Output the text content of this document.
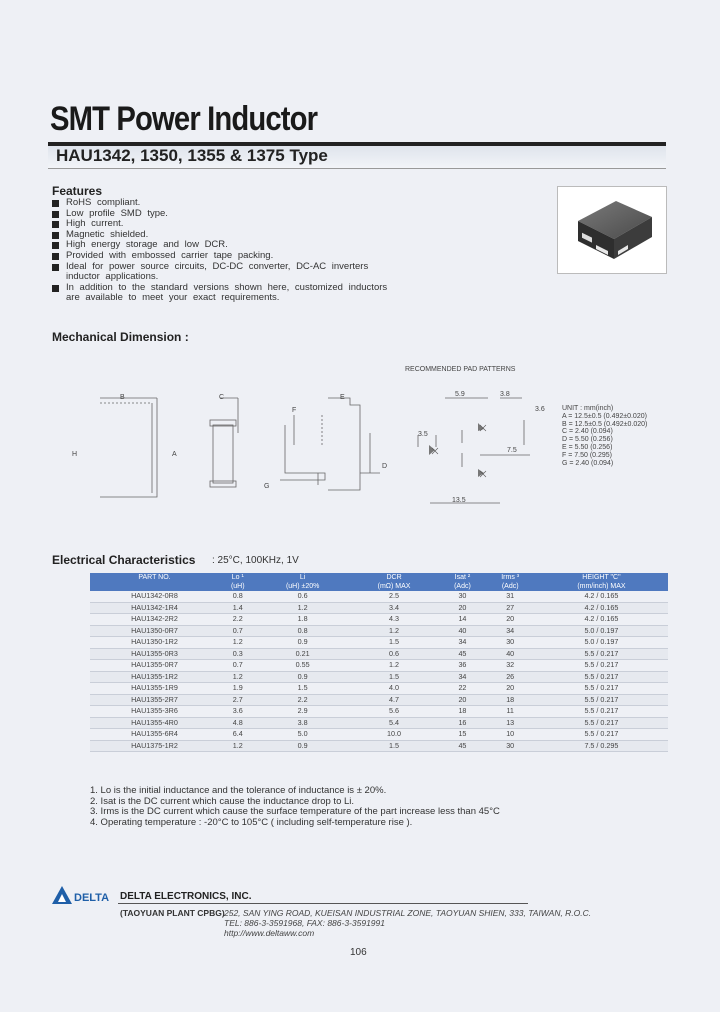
SMT Power Inductor
HAU1342, 1350, 1355 & 1375 Type
Features
RoHS compliant.
Low profile SMD type.
High current.
Magnetic shielded.
High energy storage and low DCR.
Provided with embossed carrier tape packing.
Ideal for power source circuits, DC-DC converter, DC-AC inverters
inductor applications.
In addition to the standard versions shown here, customized inductors
are available to meet your exact requirements.
Mechanical Dimension :
RECOMMENDED PAD PATTERNS
H
B
A
C
F
G
E
D
5.9	3.8
3.6
3.5
7.5
13.5
UNIT : mm(inch)
A = 12.5±0.5 (0.492±0.020)
B = 12.5±0.5 (0.492±0.020)
C = 2.40 (0.094)
D = 5.50 (0.256)
E = 5.50 (0.256)
F = 7.50 (0.295)
G = 2.40 (0.094)
Electrical Characteristics : 25°C, 100KHz, 1V
PART NO.	Lo ¹	Li	DCR	Isat ²	Irms ³	HEIGHT "C"
	(uH)	(uH) ±20%	(mΩ) MAX	(Adc)	(Adc)	(mm/inch) MAX
HAU1342-0R8	0.8	0.6	2.5	30	31	4.2 / 0.165
HAU1342-1R4	1.4	1.2	3.4	20	27	4.2 / 0.165
HAU1342-2R2	2.2	1.8	4.3	14	20	4.2 / 0.165
HAU1350-0R7	0.7	0.8	1.2	40	34	5.0 / 0.197
HAU1350-1R2	1.2	0.9	1.5	34	30	5.0 / 0.197
HAU1355-0R3	0.3	0.21	0.6	45	40	5.5 / 0.217
HAU1355-0R7	0.7	0.55	1.2	36	32	5.5 / 0.217
HAU1355-1R2	1.2	0.9	1.5	34	26	5.5 / 0.217
HAU1355-1R9	1.9	1.5	4.0	22	20	5.5 / 0.217
HAU1355-2R7	2.7	2.2	4.7	20	18	5.5 / 0.217
HAU1355-3R6	3.6	2.9	5.6	18	11	5.5 / 0.217
HAU1355-4R0	4.8	3.8	5.4	16	13	5.5 / 0.217
HAU1355-6R4	6.4	5.0	10.0	15	10	5.5 / 0.217
HAU1375-1R2	1.2	0.9	1.5	45	30	7.5 / 0.295
1. Lo is the initial inductance and the tolerance of inductance is ± 20%.
2. Isat is the DC current which cause the inductance drop to Li.
3. Irms is the DC current which cause the surface temperature of the part increase less than 45°C
4. Operating temperature : -20°C to 105°C ( including self-temperature rise ).
DELTA DELTA ELECTRONICS, INC.
(TAOYUAN PLANT CPBG) 252, SAN YING ROAD, KUEISAN INDUSTRIAL ZONE, TAOYUAN SHIEN, 333, TAIWAN, R.O.C.
TEL: 886-3-3591968, FAX: 886-3-3591991
http://www.deltaww.com
106
